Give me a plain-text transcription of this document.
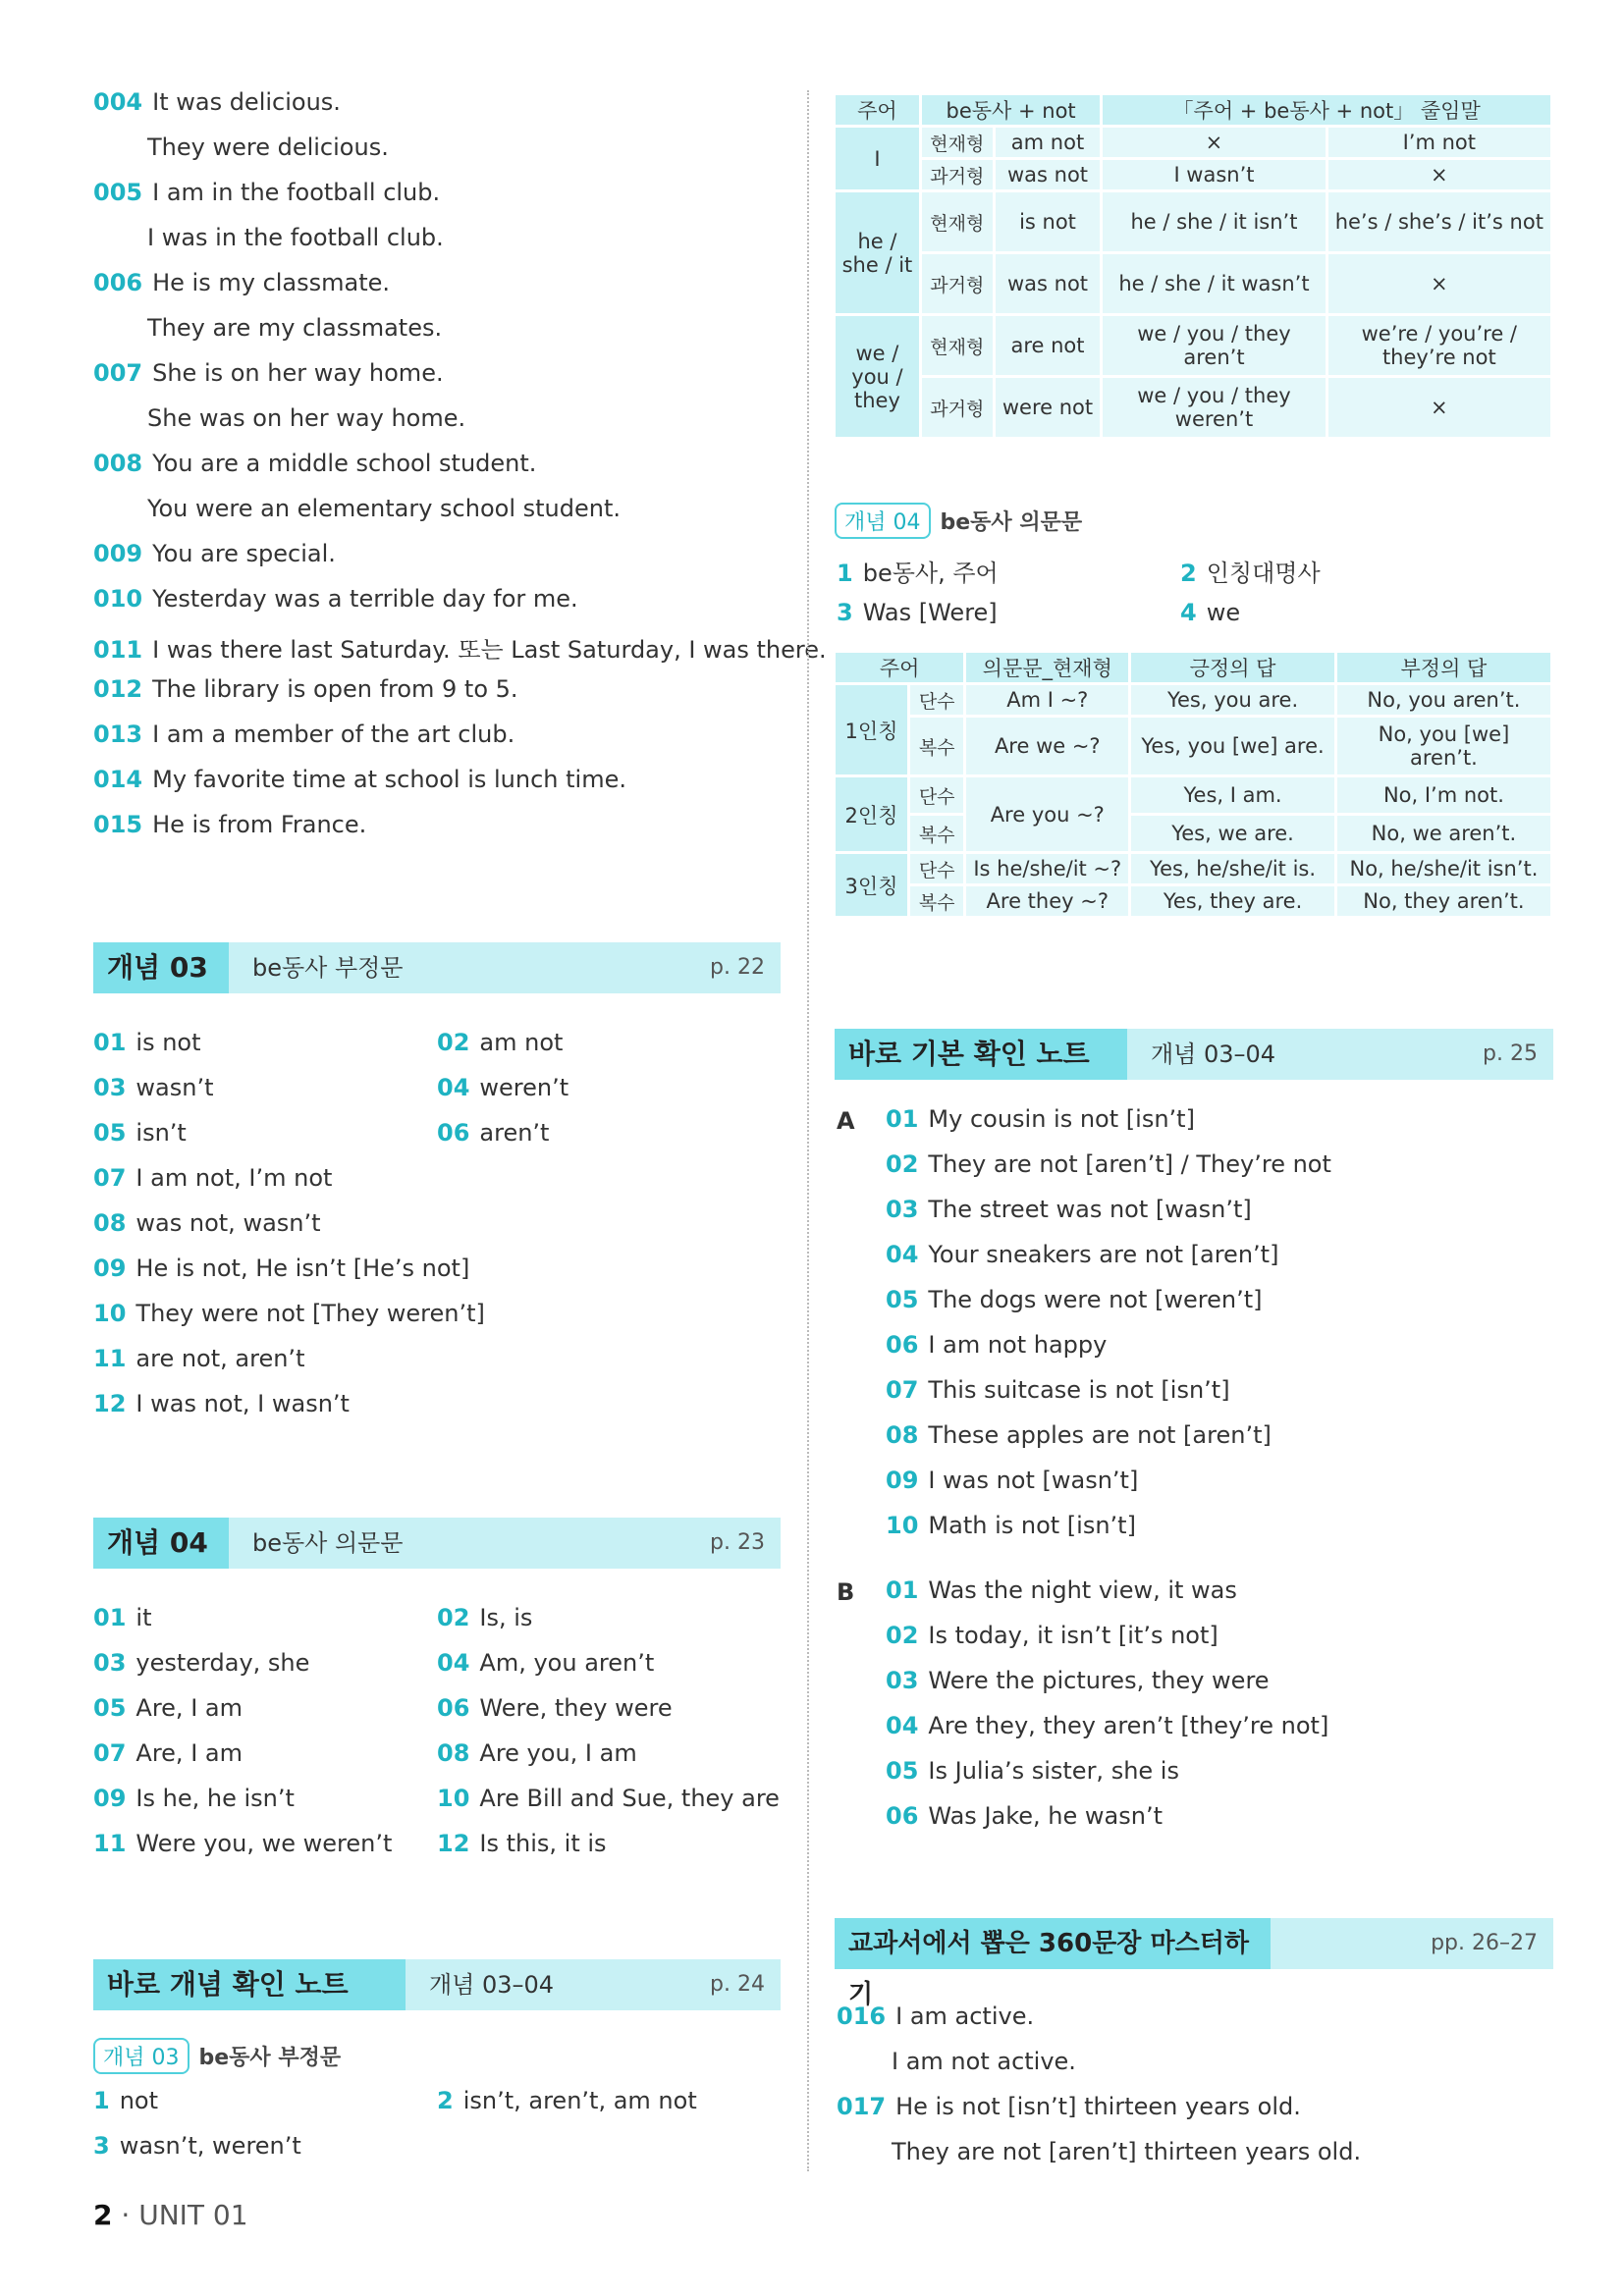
004 It was delicious.
They were delicious.
005 I am in the football club.
I was in the football club.
006 He is my classmate.
They are my classmates.
007 She is on her way home.
She was on her way home.
008 You are a middle school student.
You were an elementary school student.
009 You are special.
010 Yesterday was a terrible day for me.
011 I was there last Saturday. 또는 Last Saturday, I was there.
012 The library is open from 9 to 5.
013 I am a member of the art club.
014 My favorite time at school is lunch time.
015 He is from France.
개념 03	be동사 부정문	p. 22
01 is not	02 am not
03 wasn’t	04 weren’t
05 isn’t	06 aren’t
07 I am not, I’m not
08 was not, wasn’t
09 He is not, He isn’t [He’s not]
10 They were not [They weren’t]
11 are not, aren’t
12 I was not, I wasn’t
개념 04	be동사 의문문	p. 23
01 it	02 Is, is
03 yesterday, she	04 Am, you aren’t
05 Are, I am	06 Were, they were
07 Are, I am	08 Are you, I am
09 Is he, he isn’t	10 Are Bill and Sue, they are
11 Were you, we weren’t 12 Is this, it is
바로 개념 확인 노트	개념 03–04	p. 24
개념 03 be동사 부정문
1 not	2 isn’t, aren’t, am not
3 wasn’t, weren’t
주어	be동사 + not		「주어 + be동사 + not」 줄임말	
I	현재형	am not	×	I’m not
	과거형	was not	I wasn’t	×
he / she / it	현재형	is not	he / she / it isn’t	he’s / she’s / it’s not
	과거형	was not	he / she / it wasn’t	×
we / you / they	현재형	are not	we / you / they aren’t	we’re / you’re / they’re not
	과거형	were not	we / you / they weren’t	×
개념 04 be동사 의문문
1 be동사, 주어	2 인칭대명사
3 Was [Were]	4 we
주어		의문문_현재형	긍정의 답	부정의 답
1인칭	단수	Am I ~?	Yes, you are.	No, you aren’t.
	복수	Are we ~?	Yes, you [we] are.	No, you [we] aren’t.
2인칭	단수	Are you ~?	Yes, I am.	No, I’m not.
	복수		Yes, we are.	No, we aren’t.
3인칭	단수	Is he/she/it ~?	Yes, he/she/it is.	No, he/she/it isn’t.
	복수	Are they ~?	Yes, they are.	No, they aren’t.
바로 기본 확인 노트	개념 03–04	p. 25
A 01 My cousin is not [isn’t]
02 They are not [aren’t] / They’re not
03 The street was not [wasn’t]
04 Your sneakers are not [aren’t]
05 The dogs were not [weren’t]
06 I am not happy
07 This suitcase is not [isn’t]
08 These apples are not [aren’t]
09 I was not [wasn’t]
10 Math is not [isn’t]
B 01 Was the night view, it was
02 Is today, it isn’t [it’s not]
03 Were the pictures, they were
04 Are they, they aren’t [they’re not]
05 Is Julia’s sister, she is
06 Was Jake, he wasn’t
교과서에서 뽑은 360문장 마스터하기
pp. 26–27
016 I am active.
I am not active.
017 He is not [isn’t] thirteen years old.
They are not [aren’t] thirteen years old.
2 · UNIT 01
